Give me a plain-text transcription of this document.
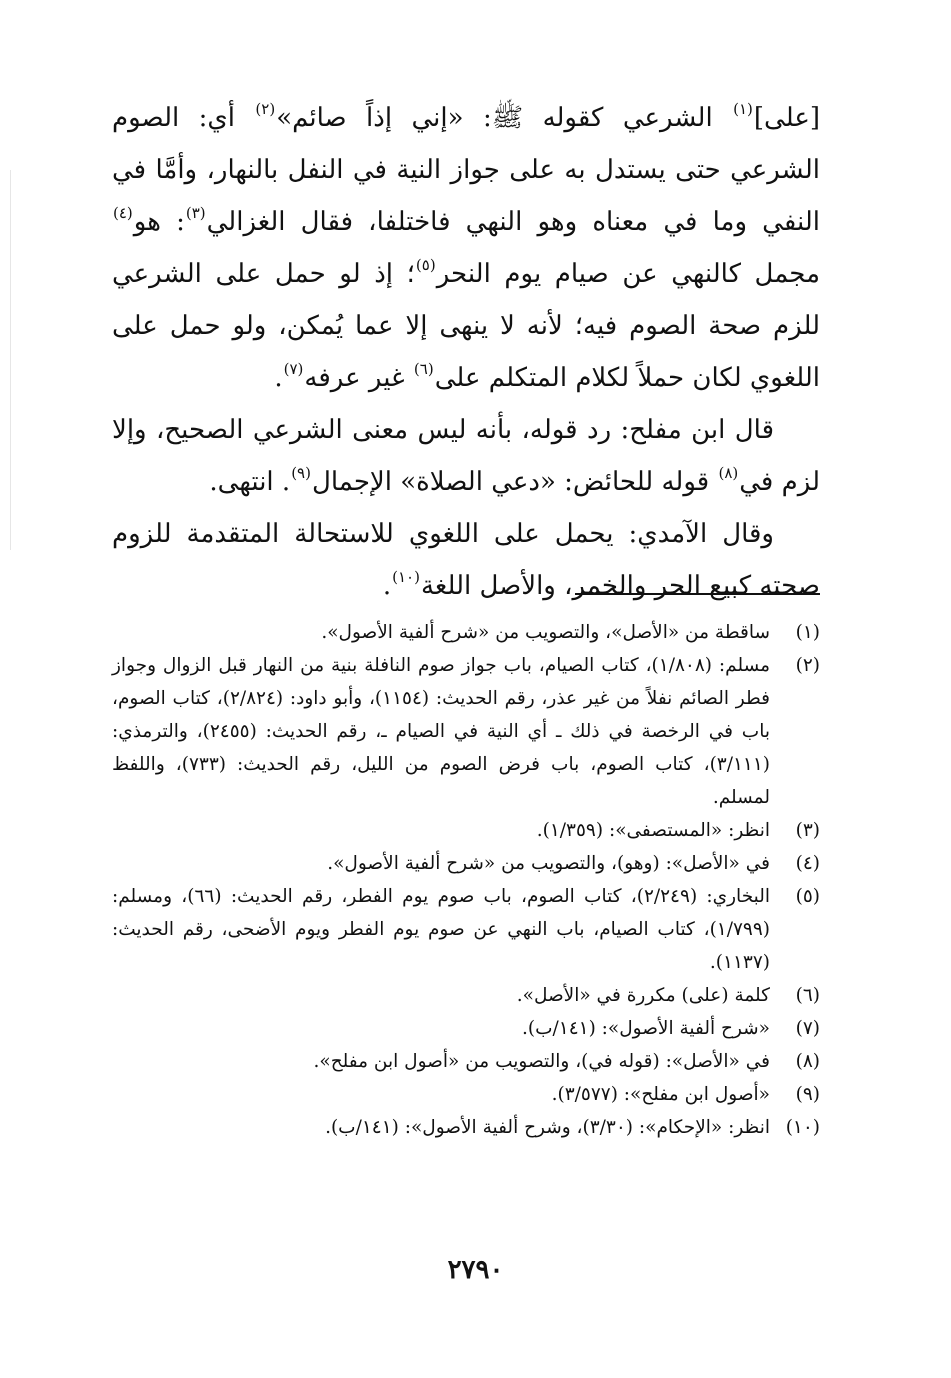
[على]$^{(١)}$ الشرعي كقوله ﷺ: «إني إذاً صائم»$^{(٢)}$ أي: الصوم الشرعي حتى يستدل به على جواز النية في النفل بالنهار، وأمَّا في النفي وما في معناه وهو النهي فاختلفا، فقال الغزالي$^{(٣)}$: هو$^{(٤)}$ مجمل كالنهي عن صيام يوم النحر$^{(٥)}$؛ إذ لو حمل على الشرعي للزم صحة الصوم فيه؛ لأنه لا ينهى إلا عما يُمكن، ولو حمل على اللغوي لكان حملاً لكلام المتكلم على$^{(٦)}$ غير عرفه$^{(٧)}$.

قال ابن مفلح: رد قوله، بأنه ليس معنى الشرعي الصحيح، وإلا لزم في$^{(٨)}$ قوله للحائض: «دعي الصلاة» الإجمال$^{(٩)}$. انتهى.

وقال الآمدي: يحمل على اللغوي للاستحالة المتقدمة للزوم صحته كبيع الحر والخمر، والأصل اللغة$^{(١٠)}$.

(١)
ساقطة من «الأصل»، والتصويب من «شرح ألفية الأصول».
(٢)
مسلم: (١/٨٠٨)، كتاب الصيام، باب جواز صوم النافلة بنية من النهار قبل الزوال وجواز فطر الصائم نفلاً من غير عذر، رقم الحديث: (١١٥٤)، وأبو داود: (٢/٨٢٤)، كتاب الصوم، باب في الرخصة في ذلك ـ أي النية في الصيام ـ، رقم الحديث: (٢٤٥٥)، والترمذي: (٣/١١١)، كتاب الصوم، باب فرض الصوم من الليل، رقم الحديث: (٧٣٣)، واللفظ لمسلم.
(٣)
انظر: «المستصفى»: (١/٣٥٩).
(٤)
في «الأصل»: (وهو)، والتصويب من «شرح ألفية الأصول».
(٥)
البخاري: (٢/٢٤٩)، كتاب الصوم، باب صوم يوم الفطر، رقم الحديث: (٦٦)، ومسلم: (١/٧٩٩)، كتاب الصيام، باب النهي عن صوم يوم الفطر ويوم الأضحى، رقم الحديث: (١١٣٧).
(٦)
كلمة (على) مكررة في «الأصل».
(٧)
«شرح ألفية الأصول»: (١٤١/ب).
(٨)
في «الأصل»: (قوله في)، والتصويب من «أصول ابن مفلح».
(٩)
«أصول ابن مفلح»: (٣/٥٧٧).
(١٠)
انظر: «الإحكام»: (٣/٣٠)، وشرح ألفية الأصول»: (١٤١/ب).
٢٧٩٠
